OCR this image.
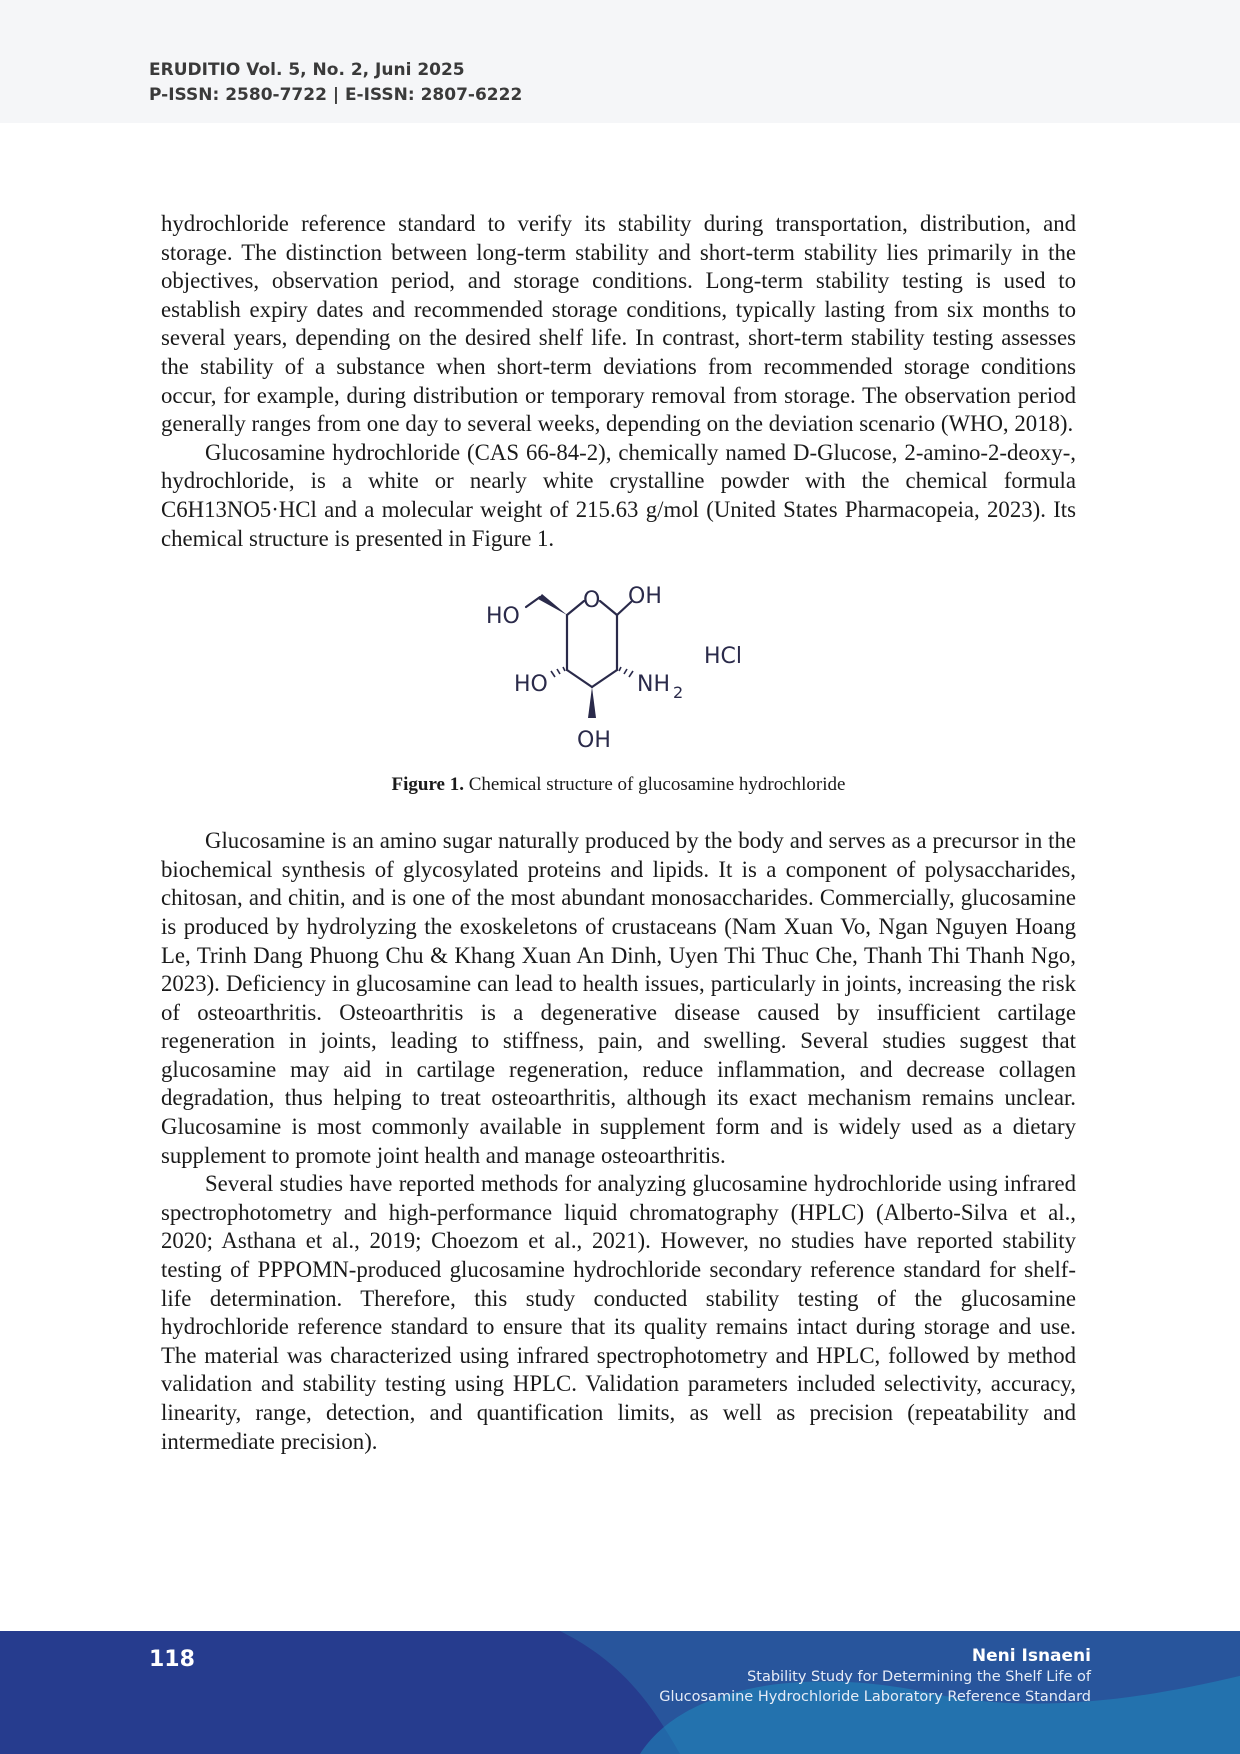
ERUDITIO Vol. 5, No. 2, Juni 2025
P-ISSN: 2580-7722 | E-ISSN: 2807-6222

hydrochloride reference standard to verify its stability during transportation, distribution, and storage. The distinction between long-term stability and short-term stability lies primarily in the objectives, observation period, and storage conditions. Long-term stability testing is used to establish expiry dates and recommended storage conditions, typically lasting from six months to several years, depending on the desired shelf life. In contrast, short-term stability testing assesses the stability of a substance when short-term deviations from recommended storage conditions occur, for example, during distribution or temporary removal from storage. The observation period generally ranges from one day to several weeks, depending on the deviation scenario (WHO, 2018).

Glucosamine hydrochloride (CAS 66-84-2), chemically named D-Glucose, 2-amino-2-deoxy-, hydrochloride, is a white or nearly white crystalline powder with the chemical formula C6H13NO5·HCl and a molecular weight of 215.63 g/mol (United States Pharmacopeia, 2023). Its chemical structure is presented in Figure 1.

HO
O OH
HO	NH 2
OH
HCl
Figure 1. Chemical structure of glucosamine hydrochloride

Glucosamine is an amino sugar naturally produced by the body and serves as a precursor in the biochemical synthesis of glycosylated proteins and lipids. It is a component of polysaccharides, chitosan, and chitin, and is one of the most abundant monosaccharides. Commercially, glucosamine is produced by hydrolyzing the exoskeletons of crustaceans (Nam Xuan Vo, Ngan Nguyen Hoang Le, Trinh Dang Phuong Chu & Khang Xuan An Dinh, Uyen Thi Thuc Che, Thanh Thi Thanh Ngo, 2023). Deficiency in glucosamine can lead to health issues, particularly in joints, increasing the risk of osteoarthritis. Osteoarthritis is a degenerative disease caused by insufficient cartilage regeneration in joints, leading to stiffness, pain, and swelling. Several studies suggest that glucosamine may aid in cartilage regeneration, reduce inflammation, and decrease collagen degradation, thus helping to treat osteoarthritis, although its exact mechanism remains unclear. Glucosamine is most commonly available in supplement form and is widely used as a dietary supplement to promote joint health and manage osteoarthritis.

Several studies have reported methods for analyzing glucosamine hydrochloride using infrared spectrophotometry and high-performance liquid chromatography (HPLC) (Alberto-Silva et al., 2020; Asthana et al., 2019; Choezom et al., 2021). However, no studies have reported stability testing of PPPOMN-produced glucosamine hydrochloride secondary reference standard for shelf-life determination. Therefore, this study conducted stability testing of the glucosamine hydrochloride reference standard to ensure that its quality remains intact during storage and use. The material was characterized using infrared spectrophotometry and HPLC, followed by method validation and stability testing using HPLC. Validation parameters included selectivity, accuracy, linearity, range, detection, and quantification limits, as well as precision (repeatability and intermediate precision).

118	Neni Isnaeni
Stability Study for Determining the Shelf Life of
Glucosamine Hydrochloride Laboratory Reference Standard
